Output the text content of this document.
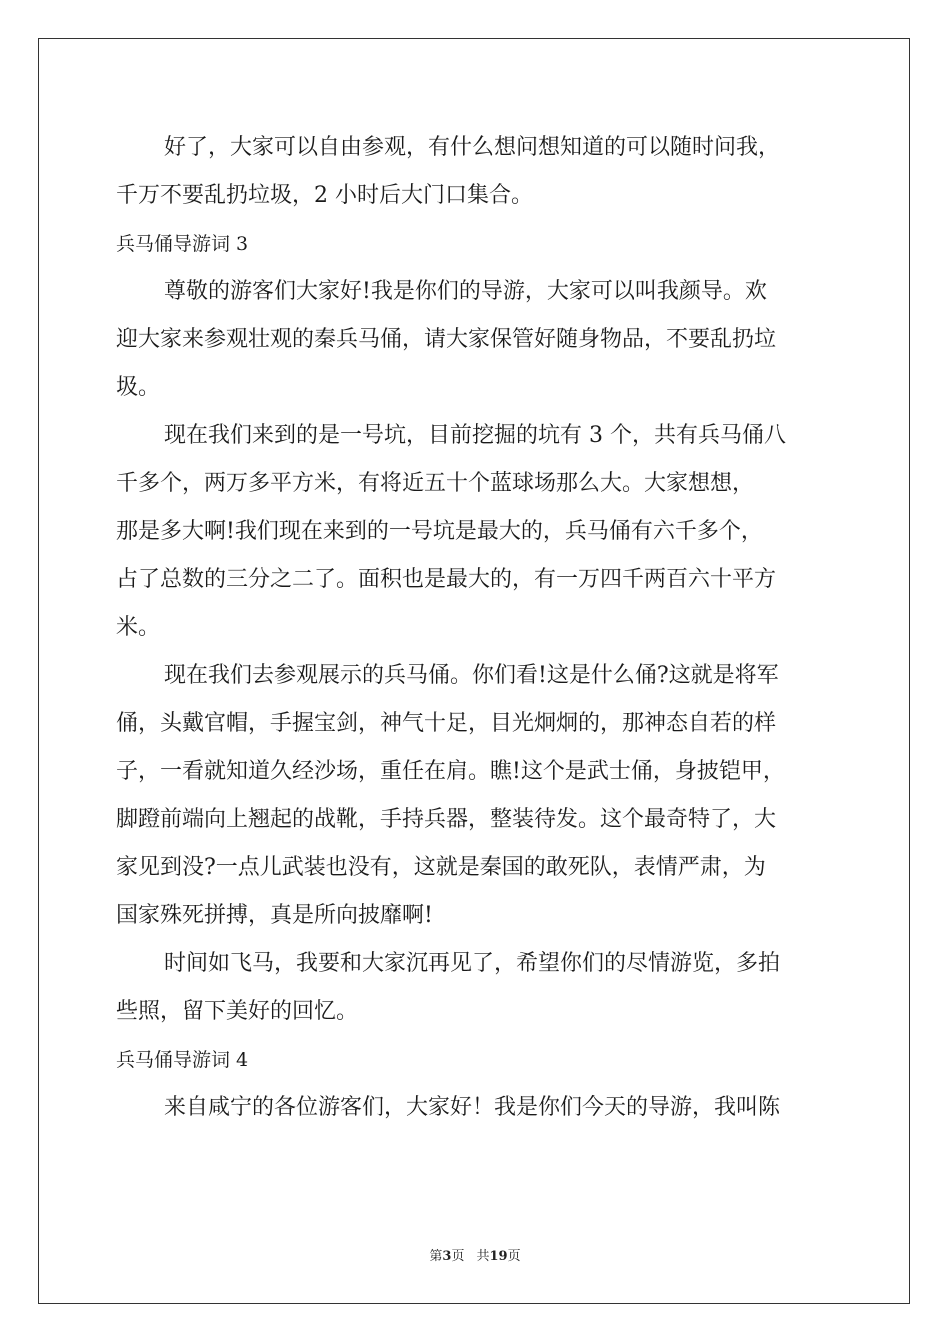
好了，大家可以自由参观，有什么想问想知道的可以随时问我，
千万不要乱扔垃圾，2 小时后大门口集合。
兵马俑导游词 3
尊敬的游客们大家好!我是你们的导游，大家可以叫我颜导。欢
迎大家来参观壮观的秦兵马俑，请大家保管好随身物品，不要乱扔垃
圾。
现在我们来到的是一号坑，目前挖掘的坑有 3 个，共有兵马俑八
千多个，两万多平方米，有将近五十个蓝球场那么大。大家想想，
那是多大啊!我们现在来到的一号坑是最大的，兵马俑有六千多个，
占了总数的三分之二了。面积也是最大的，有一万四千两百六十平方
米。
现在我们去参观展示的兵马俑。你们看!这是什么俑?这就是将军
俑，头戴官帽，手握宝剑，神气十足，目光炯炯的，那神态自若的样
子，一看就知道久经沙场，重任在肩。瞧!这个是武士俑，身披铠甲，
脚蹬前端向上翘起的战靴，手持兵器，整装待发。这个最奇特了，大
家见到没?一点儿武装也没有，这就是秦国的敢死队，表情严肃，为
国家殊死拼搏，真是所向披靡啊!
时间如飞马，我要和大家沉再见了，希望你们的尽情游览，多拍
些照，留下美好的回忆。
兵马俑导游词 4
来自咸宁的各位游客们，大家好！我是你们今天的导游，我叫陈
第3页 共19页
